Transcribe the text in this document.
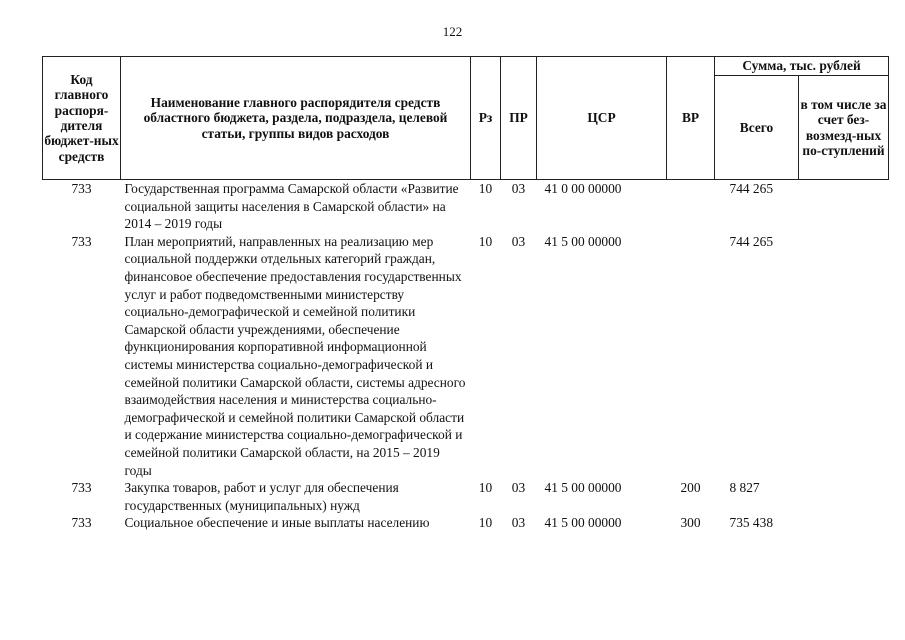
122
Код главного распоря-дителя бюджет-ных средств	Наименование главного распорядителя средств областного бюджета, раздела, подраздела, целевой статьи, группы видов расходов	Рз	ПР	ЦСР	ВР	Сумма, тыс. рублей	
						Всего	в том числе за счет без-возмезд-ных по-ступлений
733	Государственная программа Самарской области «Развитие социальной защиты населения в Самарской области» на 2014 – 2019 годы	10	03	41 0 00 00000		744 265	
733	План мероприятий, направленных на реализацию мер социальной поддержки отдельных категорий граждан, финансовое обеспечение предоставления государственных услуг и работ подведомственными министерству социально-демографической и семейной политики Самарской области учреждениями, обеспечение функционирования корпоративной информационной системы министерства социально-демографической и семейной политики Самарской области, системы адресного взаимодействия населения и министерства социально-демографической и семейной политики Самарской области и содержание министерства социально-демографической и семейной политики Самарской области, на 2015 – 2019 годы	10	03	41 5 00 00000		744 265	
733	Закупка товаров, работ и услуг для обеспечения государственных (муниципальных) нужд	10	03	41 5 00 00000	200	8 827	
733	Социальное обеспечение и иные выплаты населению	10	03	41 5 00 00000	300	735 438	
